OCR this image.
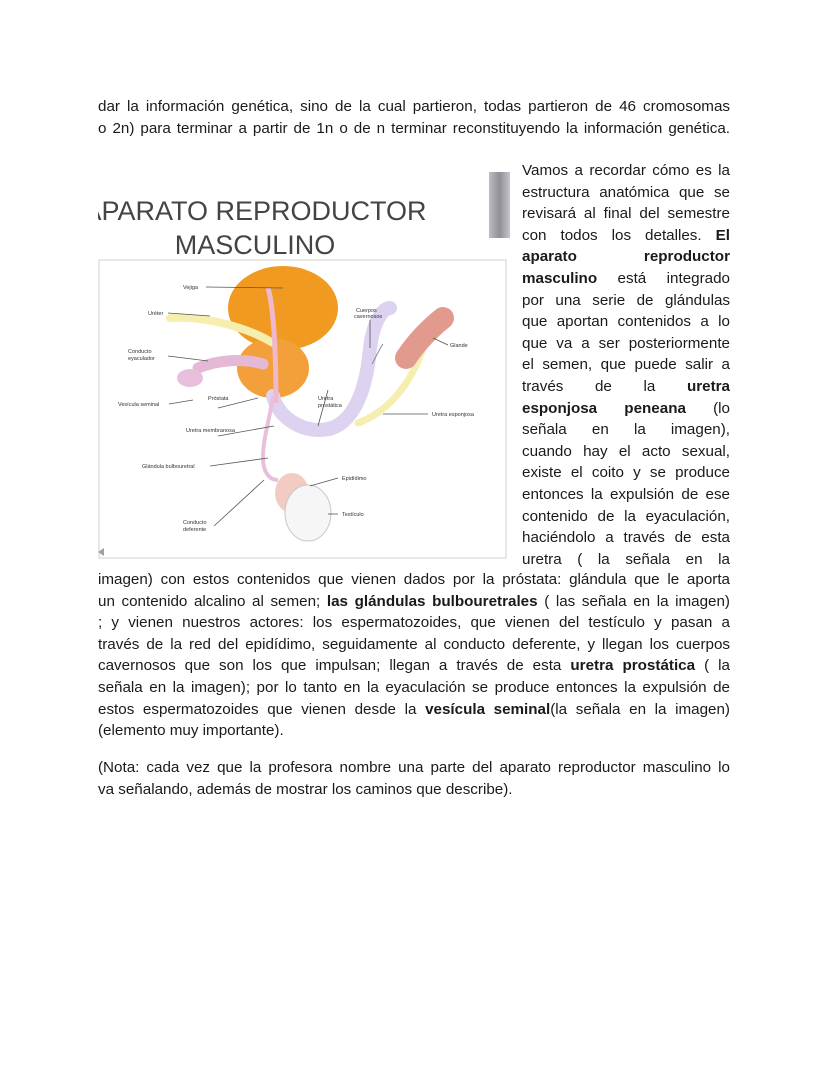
dar la información genética, sino de la cual partieron, todas partieron de 46 cromosomas
o 2n) para terminar a partir de 1n o de n terminar reconstituyendo la información genética.
APARATO REPRODUCTOR
MASCULINO
Vejiga
Uréter
Conducto
eyaculador
Vesícula seminal
Próstata	Uretra
prostática
Uretra membranosa
Glándula bulbouretral
Conducto
deferente
Cuerpos
cavernosos
Glande
Uretra esponjosa
Epidídimo
Testículo
Vamos a recordar cómo es la
estructura anatómica que se
revisará al final del semestre
con todos los detalles. El
aparato	reproductor
masculino está integrado
por una serie de glándulas
que aportan contenidos a lo
que va a ser posteriormente
el semen, que puede salir a
través de la uretra
esponjosa peneana (lo
señala en la imagen),
cuando hay el acto sexual,
existe el coito y se produce
entonces la expulsión de ese
contenido de la eyaculación,
haciéndolo a través de esta
uretra ( la señala en la
imagen) con estos contenidos que vienen dados por la próstata: glándula que le aporta
un contenido alcalino al semen; las glándulas bulbouretrales ( las señala en la imagen)
; y vienen nuestros actores: los espermatozoides, que vienen del testículo y pasan a
través de la red del epidídimo, seguidamente al conducto deferente, y llegan los cuerpos
cavernosos que son los que impulsan; llegan a través de esta uretra prostática ( la
señala en la imagen); por lo tanto en la eyaculación se produce entonces la expulsión de
estos espermatozoides que vienen desde la vesícula seminal(la señala en la imagen)
(elemento muy importante).
(Nota: cada vez que la profesora nombre una parte del aparato reproductor masculino lo
va señalando, además de mostrar los caminos que describe).
